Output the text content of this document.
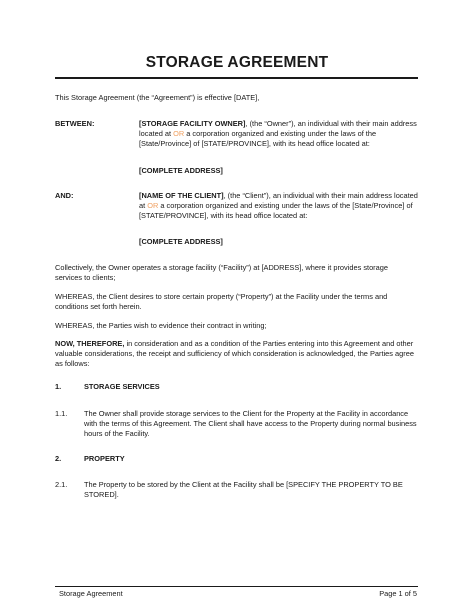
STORAGE AGREEMENT
This Storage Agreement (the “Agreement”) is effective [DATE],
BETWEEN:	[STORAGE FACILITY OWNER], (the “Owner”), an individual with their main address located at OR a corporation organized and existing under the laws of the [State/Province] of [STATE/PROVINCE], with its head office located at:
[COMPLETE ADDRESS]
AND:	[NAME OF THE CLIENT], (the “Client”), an individual with their main address located at OR a corporation organized and existing under the laws of the [State/Province] of [STATE/PROVINCE], with its head office located at:
[COMPLETE ADDRESS]
Collectively, the Owner operates a storage facility (“Facility”) at [ADDRESS], where it provides storage services to clients;
WHEREAS, the Client desires to store certain property (“Property”) at the Facility under the terms and conditions set forth herein.
WHEREAS, the Parties wish to evidence their contract in writing;
NOW, THEREFORE, in consideration and as a condition of the Parties entering into this Agreement and other valuable considerations, the receipt and sufficiency of which consideration is acknowledged, the Parties agree as follows:
1.	STORAGE SERVICES
1.1. The Owner shall provide storage services to the Client for the Property at the Facility in accordance with the terms of this Agreement. The Client shall have access to the Property during normal business hours of the Facility.
2.	PROPERTY
2.1. The Property to be stored by the Client at the Facility shall be [SPECIFY THE PROPERTY TO BE STORED].
Storage Agreement	Page 1 of 5
